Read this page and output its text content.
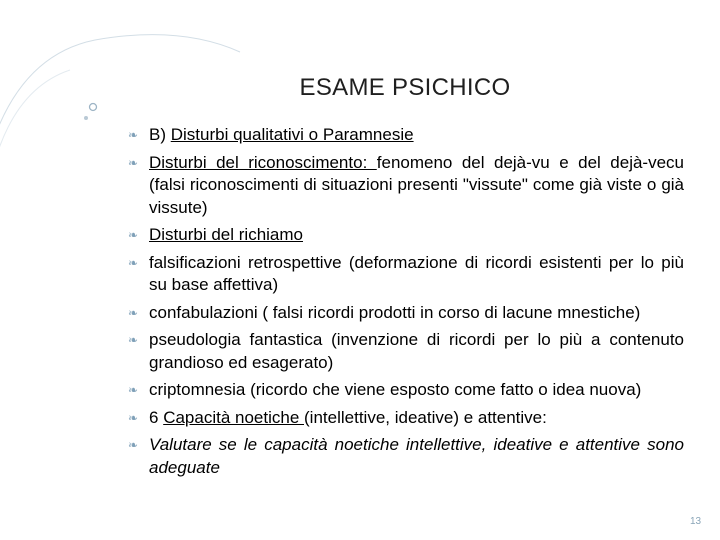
ESAME PSICHICO
❧ B) Disturbi qualitativi o Paramnesie
❧ Disturbi del riconoscimento: fenomeno del dejà-vu e del dejà-vecu (falsi riconoscimenti di situazioni presenti "vissute" come già viste o già vissute)
❧ Disturbi del richiamo
❧ falsificazioni retrospettive (deformazione di ricordi esistenti per lo più su base affettiva)
❧ confabulazioni ( falsi ricordi prodotti in corso di lacune mnestiche)
❧ pseudologia fantastica (invenzione di ricordi per lo più a contenuto grandioso ed esagerato)
❧ criptomnesia (ricordo che viene esposto come fatto o idea nuova)
❧ 6 Capacità noetiche (intellettive, ideative) e attentive:
❧ Valutare se le capacità noetiche intellettive, ideative e attentive sono adeguate
13
